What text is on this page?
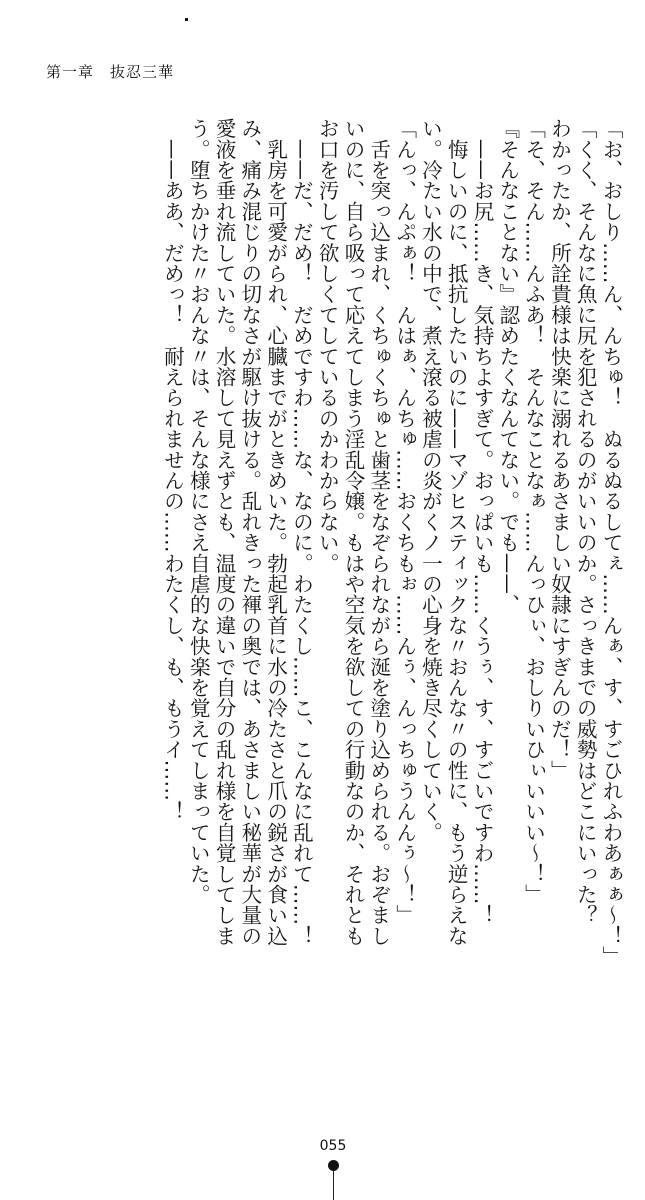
第一章　抜忍三華
「お、おしり……ん、んちゅ！　ぬるぬるしてぇ……んぁ、す、すごひれふわあぁぁ〜！」
「くく、そんなに魚に尻を犯されるのがいいのか。さっきまでの威勢はどこにいった？
わかったか、所詮貴様は快楽に溺れるあさましい奴隷にすぎんのだ！」
「そ、そん……んふあ！　そんなことなぁ……んっひぃ、おしりいひぃいいい〜！」
『そんなことない』認めたくなんてない。でも——、
　——お尻……き、気持ちよすぎて。おっぱいも……くうぅ、す、すごいですわ……！
　悔しいのに、抵抗したいのに——マゾヒスティックな〃おんな〃の性に、もう逆らえな
い。冷たい水の中で、煮え滾る被虐の炎がくノ一の心身を焼き尽くしていく。
「んっ、んぷぁ！　んはぁ、んちゅ……おくちもぉ……んぅ、んっちゅうんんぅ〜！」
　舌を突っ込まれ、くちゅくちゅと歯茎をなぞられながら涎を塗り込められる。おぞまし
いのに、自ら吸って応えてしまう淫乱令嬢。もはや空気を欲しての行動なのか、それとも
お口を汚して欲しくてしているのかわからない。
　——だ、だめ！　だめですわ……な、なのに。わたくし……こ、こんなに乱れて……！
　乳房を可愛がられ、心臓までがときめいた。勃起乳首に水の冷たさと爪の鋭さが食い込
み、痛み混じりの切なさが駆け抜ける。乱れきった褌の奥では、あさましい秘華が大量の
愛液を垂れ流していた。水溶して見えずとも、温度の違いで自分の乱れ様を自覚してしま
う。堕ちかけた〃おんな〃は、そんな様にさえ自虐的な快楽を覚えてしまっていた。
　——ああ、だめっ！　耐えられませんの……わたくし、も、もうイ……！
055
